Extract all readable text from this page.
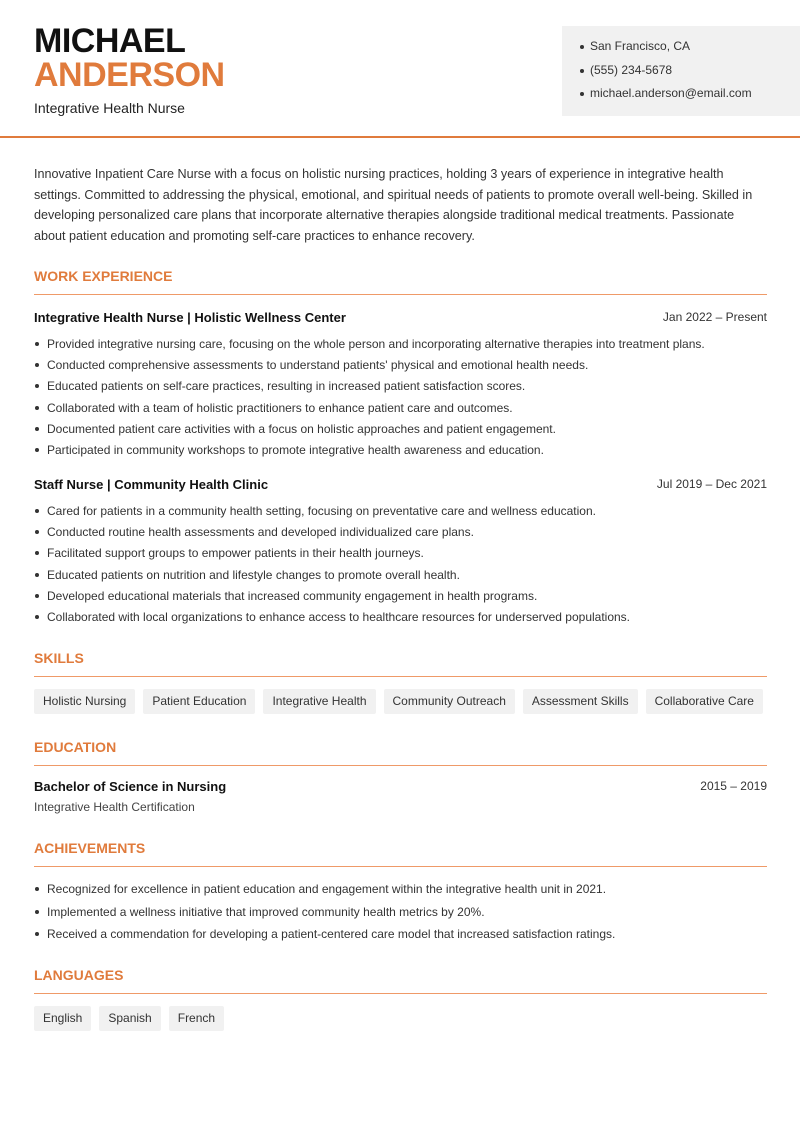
MICHAEL
ANDERSON
Integrative Health Nurse
San Francisco, CA
(555) 234-5678
michael.anderson@email.com

Innovative Inpatient Care Nurse with a focus on holistic nursing practices, holding 3 years of experience in integrative health settings. Committed to addressing the physical, emotional, and spiritual needs of patients to promote overall well-being. Skilled in developing personalized care plans that incorporate alternative therapies alongside traditional medical treatments. Passionate about patient education and promoting self-care practices to enhance recovery.

WORK EXPERIENCE
Integrative Health Nurse | Holistic Wellness Center	Jan 2022 – Present
Provided integrative nursing care, focusing on the whole person and incorporating alternative therapies into treatment plans.
Conducted comprehensive assessments to understand patients' physical and emotional health needs.
Educated patients on self-care practices, resulting in increased patient satisfaction scores.
Collaborated with a team of holistic practitioners to enhance patient care and outcomes.
Documented patient care activities with a focus on holistic approaches and patient engagement.
Participated in community workshops to promote integrative health awareness and education.
Staff Nurse | Community Health Clinic	Jul 2019 – Dec 2021
Cared for patients in a community health setting, focusing on preventative care and wellness education.
Conducted routine health assessments and developed individualized care plans.
Facilitated support groups to empower patients in their health journeys.
Educated patients on nutrition and lifestyle changes to promote overall health.
Developed educational materials that increased community engagement in health programs.
Collaborated with local organizations to enhance access to healthcare resources for underserved populations.
SKILLS
Holistic Nursing	Patient Education	Integrative Health	Community Outreach	Assessment Skills	Collaborative Care
EDUCATION
Bachelor of Science in Nursing	2015 – 2019
Integrative Health Certification
ACHIEVEMENTS
Recognized for excellence in patient education and engagement within the integrative health unit in 2021.
Implemented a wellness initiative that improved community health metrics by 20%.
Received a commendation for developing a patient-centered care model that increased satisfaction ratings.
LANGUAGES
English	Spanish	French
